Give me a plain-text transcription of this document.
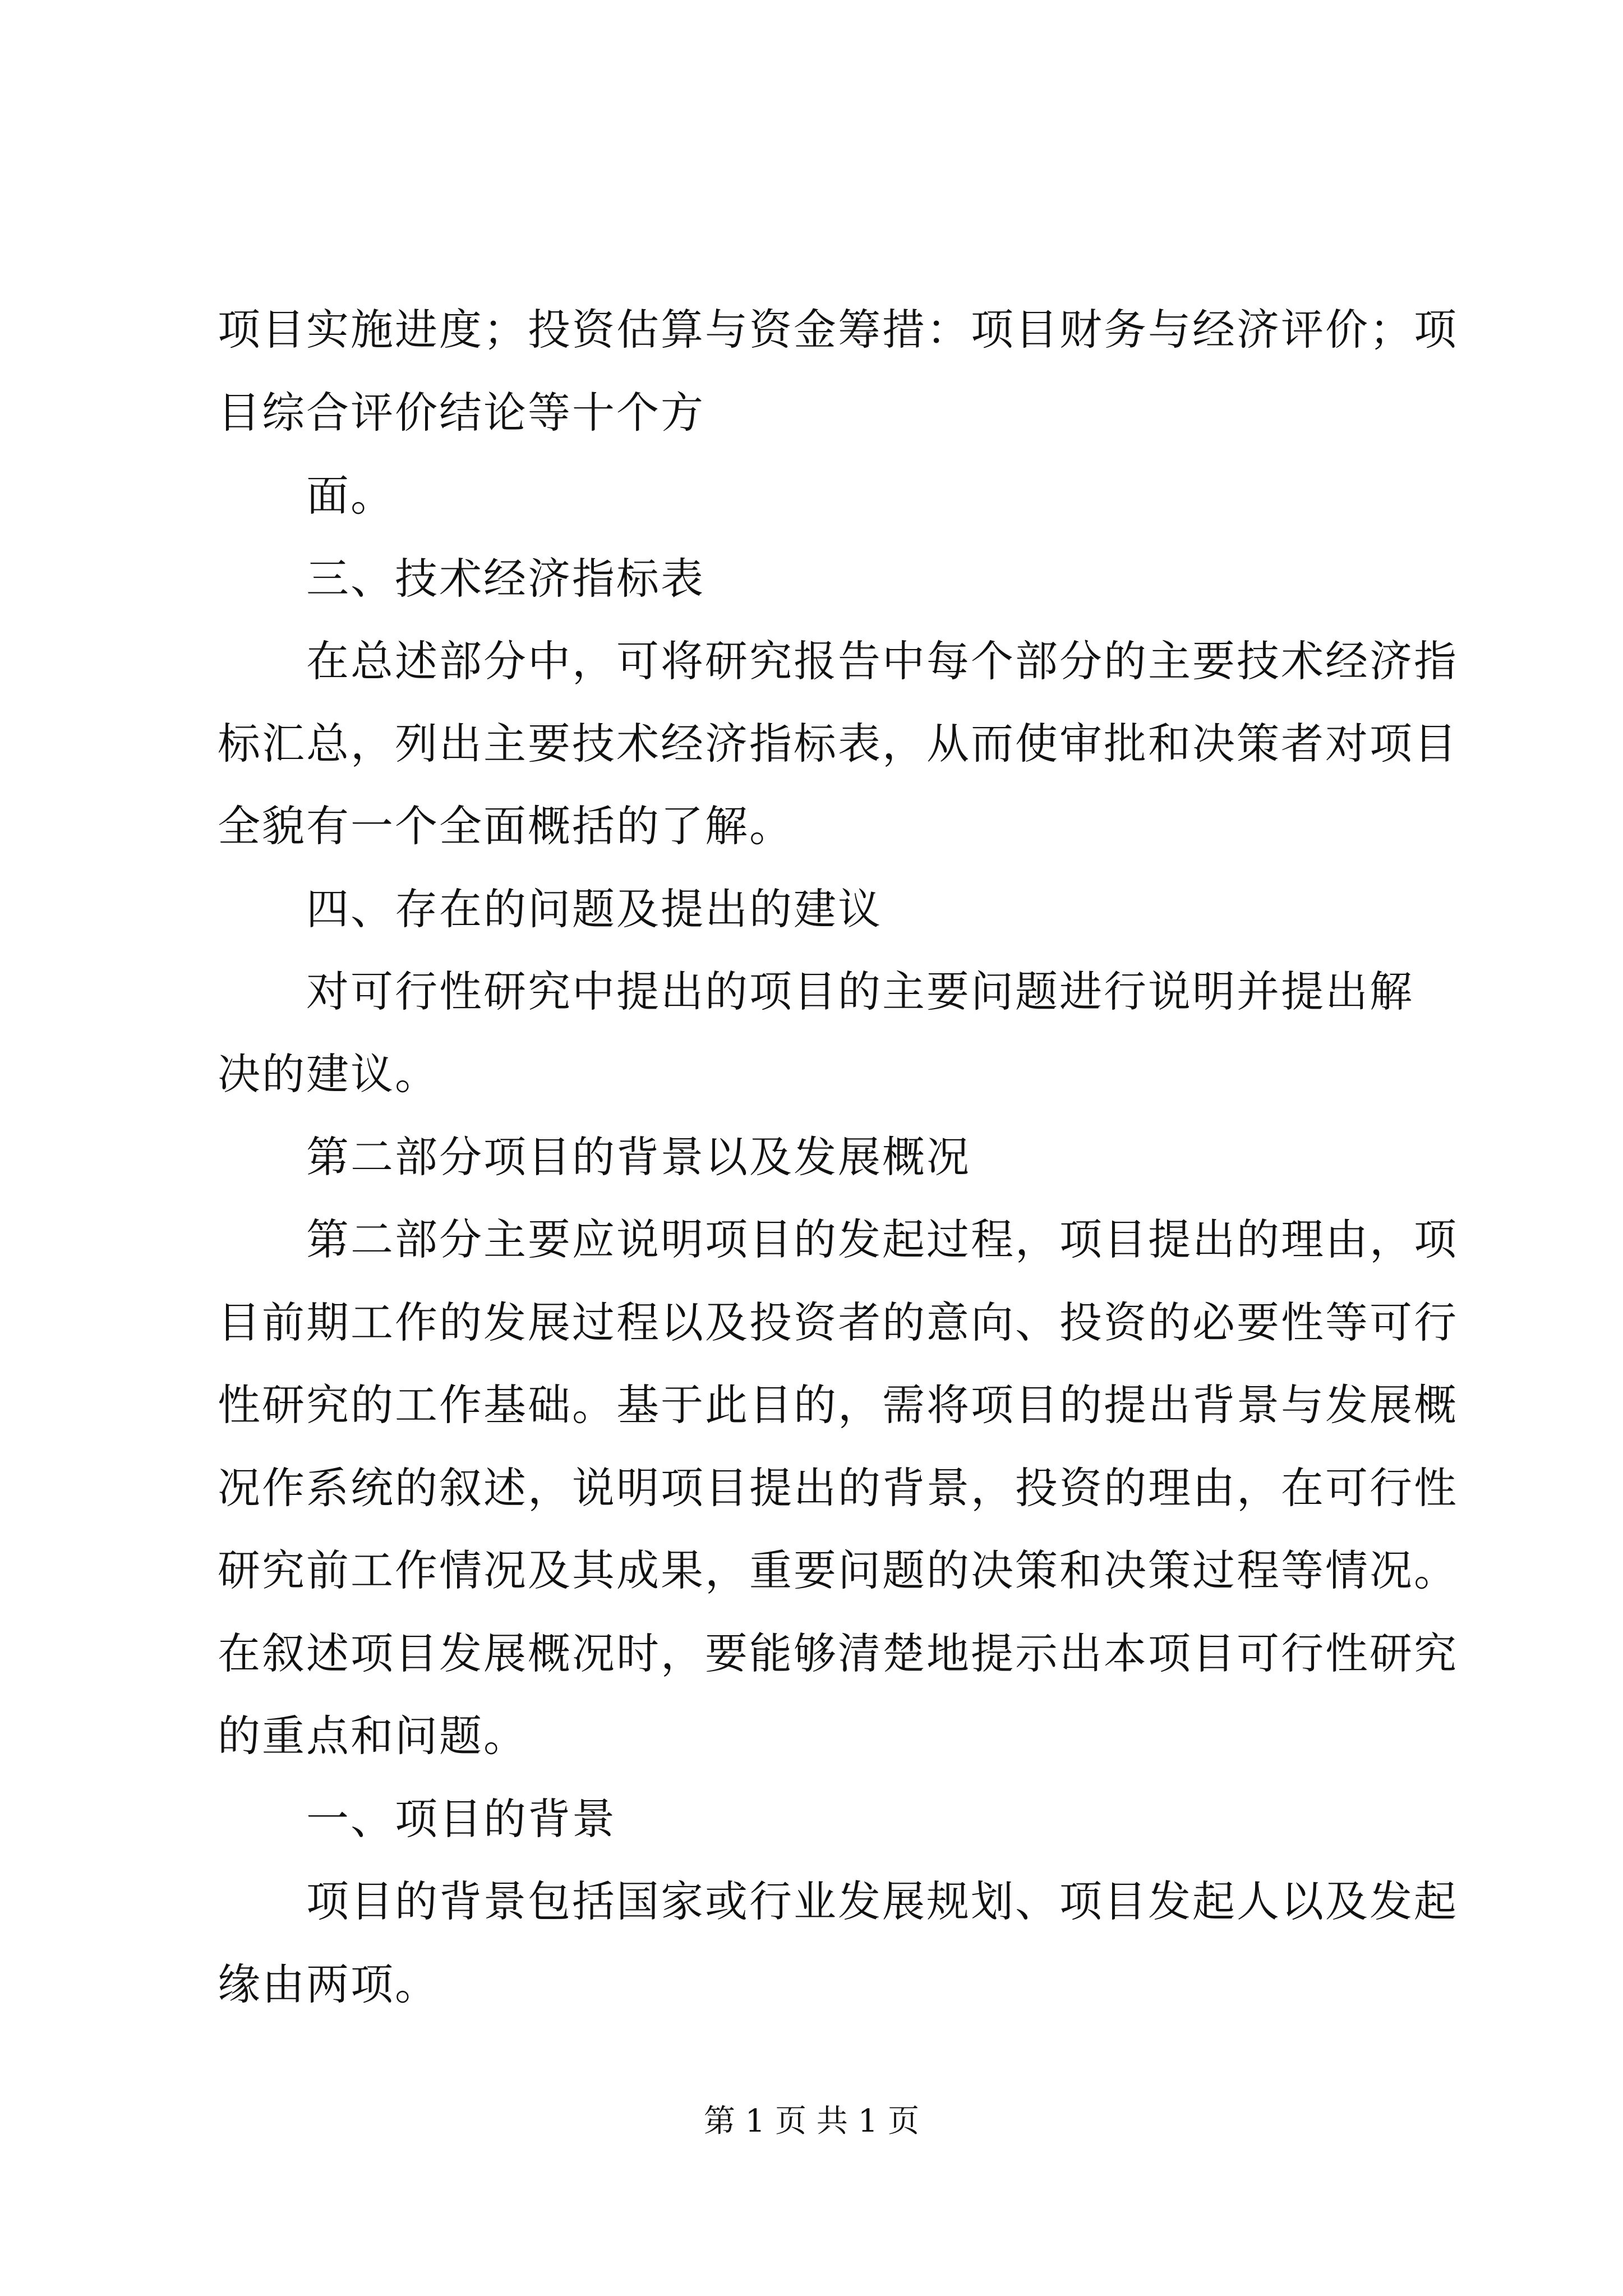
项目实施进度；投资估算与资金筹措：项目财务与经济评价；项
目综合评价结论等十个方
面。
三、技术经济指标表
在总述部分中，可将研究报告中每个部分的主要技术经济指
标汇总，列出主要技术经济指标表，从而使审批和决策者对项目
全貌有一个全面概括的了解。
四、存在的问题及提出的建议
对可行性研究中提出的项目的主要问题进行说明并提出解
决的建议。
第二部分项目的背景以及发展概况
第二部分主要应说明项目的发起过程，项目提出的理由，项
目前期工作的发展过程以及投资者的意向、投资的必要性等可行
性研究的工作基础。基于此目的，需将项目的提出背景与发展概
况作系统的叙述，说明项目提出的背景，投资的理由，在可行性
研究前工作情况及其成果，重要问题的决策和决策过程等情况。
在叙述项目发展概况时，要能够清楚地提示出本项目可行性研究
的重点和问题。
一、项目的背景
项目的背景包括国家或行业发展规划、项目发起人以及发起
缘由两项。
第 1 页 共 1 页
